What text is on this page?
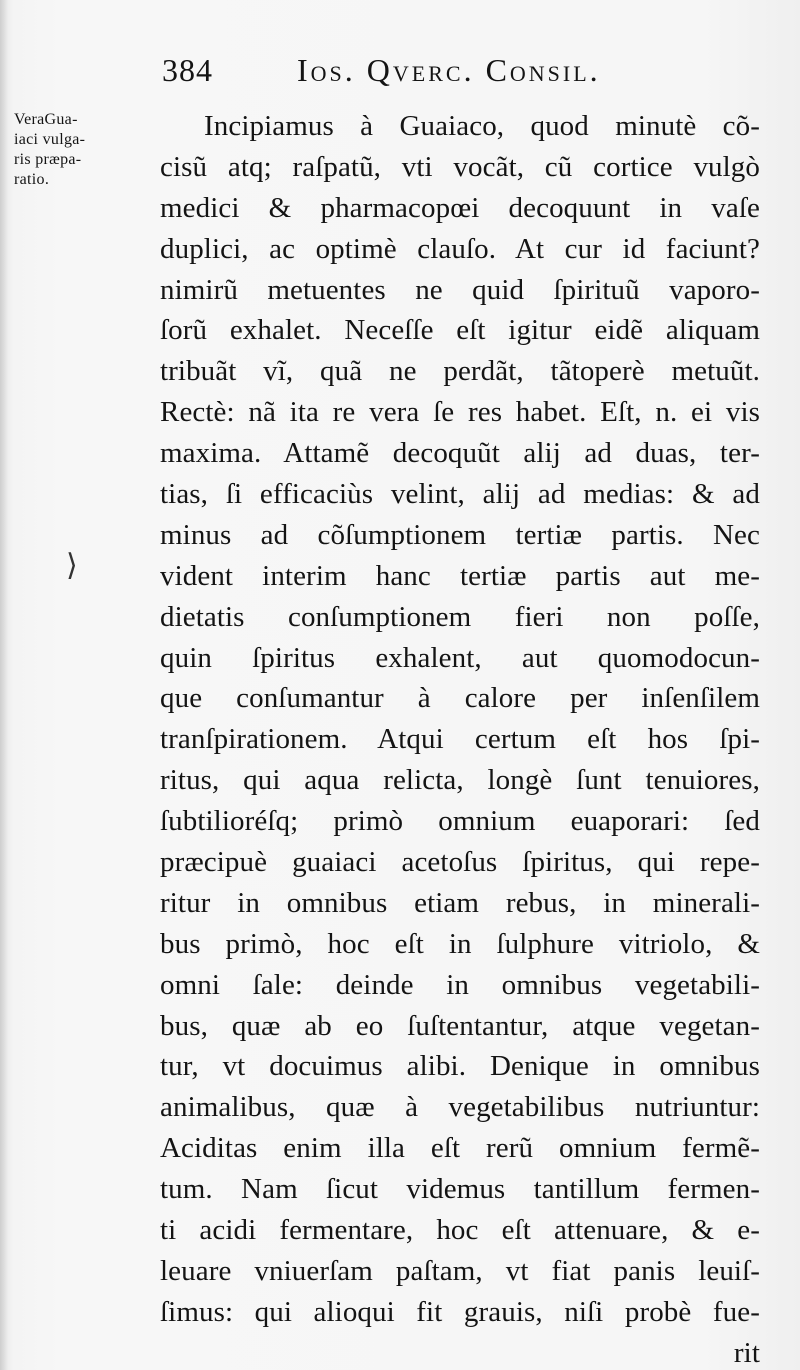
384	Ios. Qverc. Consil.
VeraGua-
iaci vulga-
ris præpa-
ratio.
⟩
Incipiamus à Guaiaco, quod minutè cõ-
cisũ atq; raſpatũ, vti vocãt, cũ cortice vulgò
medici & pharmacopœi decoquunt in vaſe
duplici, ac optimè clauſo. At cur id faciunt?
nimirũ metuentes ne quid ſpirituũ vaporo-
ſorũ exhalet. Neceſſe eſt igitur eidẽ aliquam
tribuãt vĩ, quã ne perdãt, tãtoperè metuũt.
Rectè: nã ita re vera ſe res habet. Eſt, n. ei vis
maxima. Attamẽ decoquũt alij ad duas, ter-
tias, ſi efficaciùs velint, alij ad medias: & ad
minus ad cõſumptionem tertiæ partis. Nec
vident interim hanc tertiæ partis aut me-
dietatis conſumptionem fieri non poſſe,
quin ſpiritus exhalent, aut quomodocun-
que conſumantur à calore per inſenſilem
tranſpirationem. Atqui certum eſt hos ſpi-
ritus, qui aqua relicta, longè ſunt tenuiores,
ſubtilioréſq; primò omnium euaporari: ſed
præcipuè guaiaci acetoſus ſpiritus, qui repe-
ritur in omnibus etiam rebus, in minerali-
bus primò, hoc eſt in ſulphure vitriolo, &
omni ſale: deinde in omnibus vegetabili-
bus, quæ ab eo ſuſtentantur, atque vegetan-
tur, vt docuimus alibi. Denique in omnibus
animalibus, quæ à vegetabilibus nutriuntur:
Aciditas enim illa eſt rerũ omnium fermẽ-
tum. Nam ſicut videmus tantillum fermen-
ti acidi fermentare, hoc eſt attenuare, & e-
leuare vniuerſam paſtam, vt fiat panis leuiſ-
ſimus: qui alioqui fit grauis, niſi probè fue-
rit
